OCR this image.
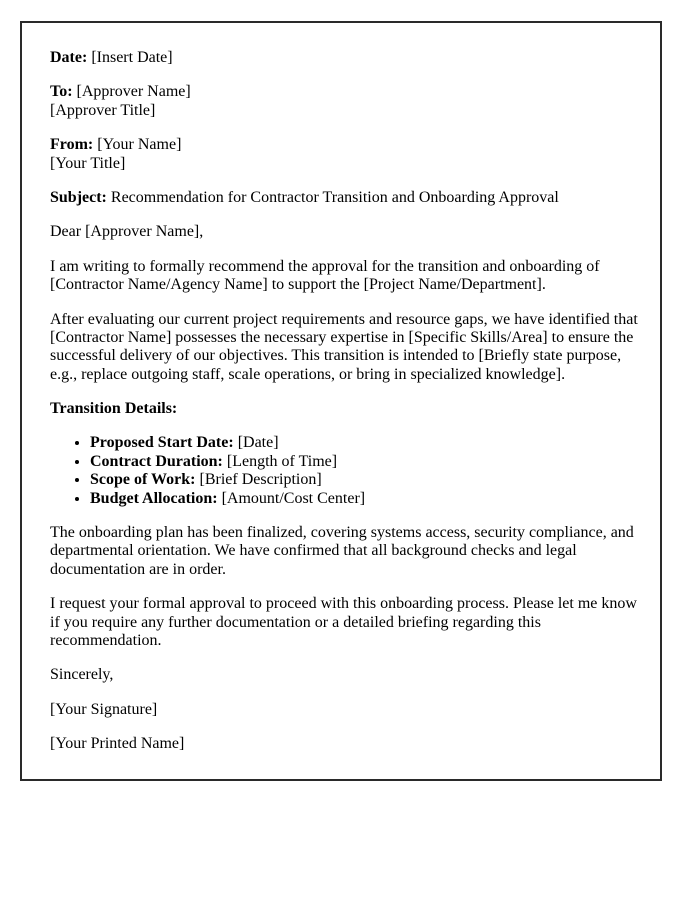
Date: [Insert Date]

To: [Approver Name]
[Approver Title]

From: [Your Name]
[Your Title]

Subject: Recommendation for Contractor Transition and Onboarding Approval

Dear [Approver Name],

I am writing to formally recommend the approval for the transition and onboarding of [Contractor Name/Agency Name] to support the [Project Name/Department].

After evaluating our current project requirements and resource gaps, we have identified that [Contractor Name] possesses the necessary expertise in [Specific Skills/Area] to ensure the successful delivery of our objectives. This transition is intended to [Briefly state purpose, e.g., replace outgoing staff, scale operations, or bring in specialized knowledge].

Transition Details:

• Proposed Start Date: [Date]
• Contract Duration: [Length of Time]
• Scope of Work: [Brief Description]
• Budget Allocation: [Amount/Cost Center]

The onboarding plan has been finalized, covering systems access, security compliance, and departmental orientation. We have confirmed that all background checks and legal documentation are in order.

I request your formal approval to proceed with this onboarding process. Please let me know if you require any further documentation or a detailed briefing regarding this recommendation.

Sincerely,

[Your Signature]

[Your Printed Name]
